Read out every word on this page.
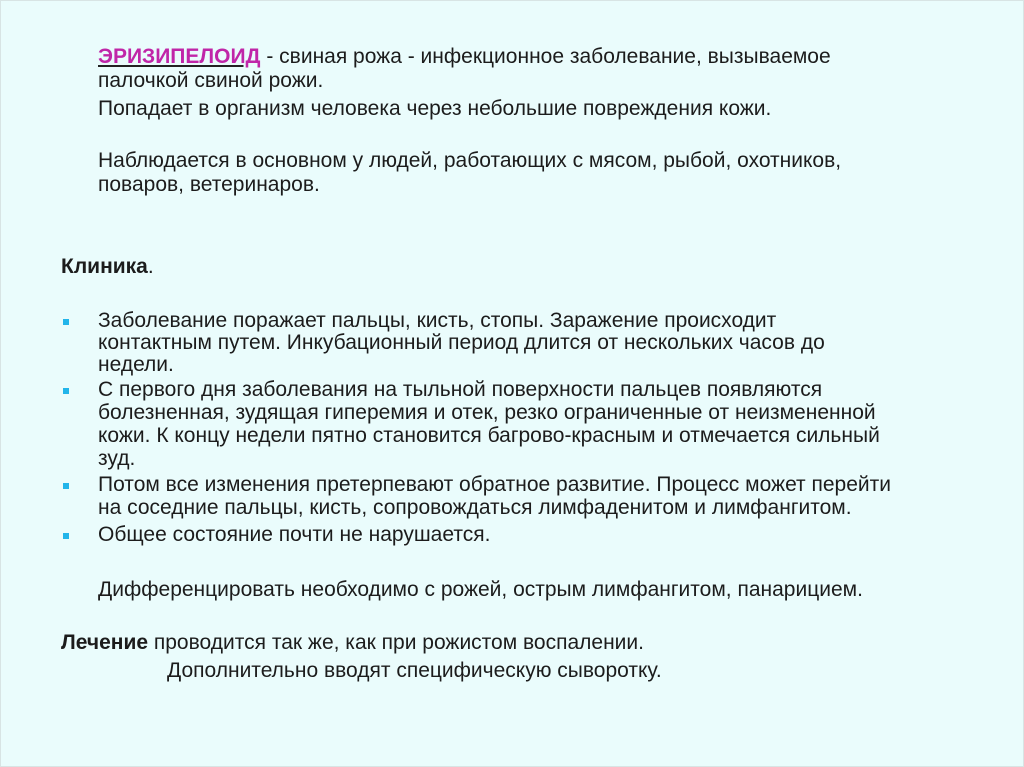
ЭРИЗИПЕЛОИД - свиная рожа - инфекционное заболевание, вызываемое

палочкой свиной рожи.

Попадает в организм человека через небольшие повреждения кожи.

Наблюдается в основном у людей, работающих с мясом, рыбой, охотников,

поваров, ветеринаров.

Клиника.

Заболевание поражает пальцы, кисть, стопы. Заражение происходит

контактным путем. Инкубационный период длится от нескольких часов до

недели.

С первого дня заболевания на тыльной поверхности пальцев появляются

болезненная, зудящая гиперемия и отек, резко ограниченные от неизмененной

кожи. К концу недели пятно становится багрово-красным и отмечается сильный

зуд.

Потом все изменения претерпевают обратное развитие. Процесс может перейти

на соседние пальцы, кисть, сопровождаться лимфаденитом и лимфангитом.

Общее состояние почти не нарушается.

Дифференцировать необходимо с рожей, острым лимфангитом, панарицием.

Лечение проводится так же, как при рожистом воспалении.

Дополнительно вводят специфическую сыворотку.
